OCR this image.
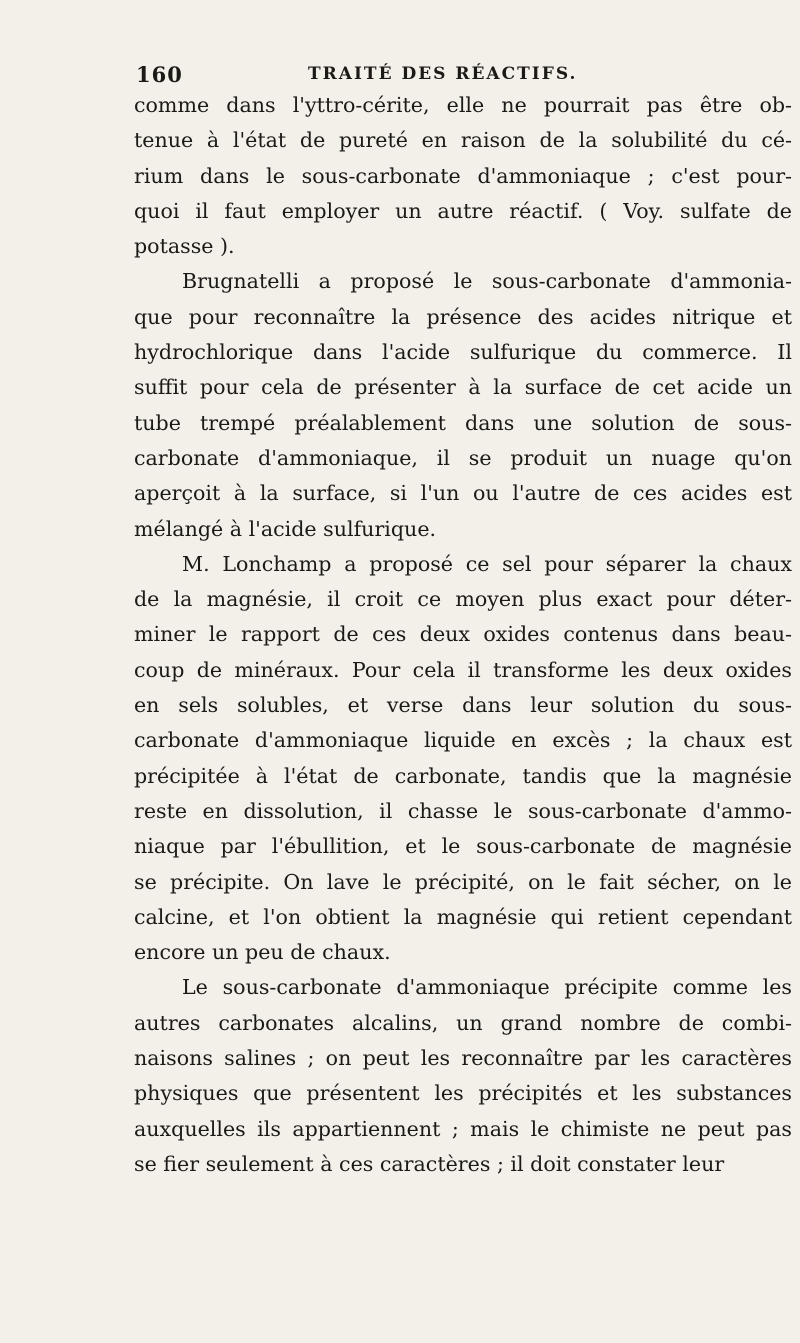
160	TRAITÉ DES RÉACTIFS.
comme dans l'yttro-cérite, elle ne pourrait pas être ob-
tenue à l'état de pureté en raison de la solubilité du cé-
rium dans le sous-carbonate d'ammoniaque ; c'est pour-
quoi il faut employer un autre réactif. ( Voy. sulfate de
potasse ).
Brugnatelli a proposé le sous-carbonate d'ammonia-
que pour reconnaître la présence des acides nitrique et
hydrochlorique dans l'acide sulfurique du commerce. Il
suffit pour cela de présenter à la surface de cet acide un
tube trempé préalablement dans une solution de sous-
carbonate d'ammoniaque, il se produit un nuage qu'on
aperçoit à la surface, si l'un ou l'autre de ces acides est
mélangé à l'acide sulfurique.
M. Lonchamp a proposé ce sel pour séparer la chaux
de la magnésie, il croit ce moyen plus exact pour déter-
miner le rapport de ces deux oxides contenus dans beau-
coup de minéraux. Pour cela il transforme les deux oxides
en sels solubles, et verse dans leur solution du sous-
carbonate d'ammoniaque liquide en excès ; la chaux est
précipitée à l'état de carbonate, tandis que la magnésie
reste en dissolution, il chasse le sous-carbonate d'ammo-
niaque par l'ébullition, et le sous-carbonate de magnésie
se précipite. On lave le précipité, on le fait sécher, on le
calcine, et l'on obtient la magnésie qui retient cependant
encore un peu de chaux.
Le sous-carbonate d'ammoniaque précipite comme les
autres carbonates alcalins, un grand nombre de combi-
naisons salines ; on peut les reconnaître par les caractères
physiques que présentent les précipités et les substances
auxquelles ils appartiennent ; mais le chimiste ne peut pas
se fier seulement à ces caractères ; il doit constater leur
